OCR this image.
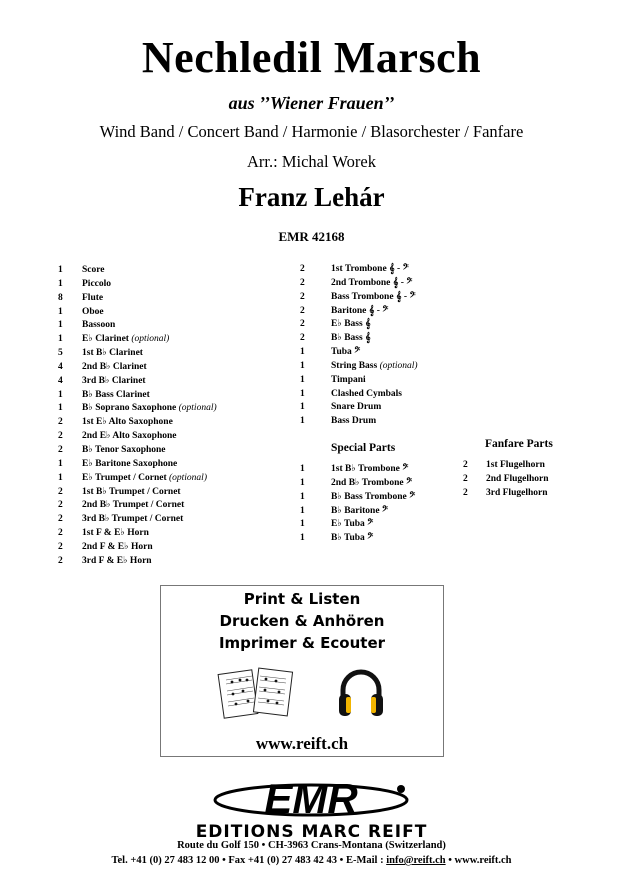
Nechledil Marsch
aus ’’Wiener Frauen’’
Wind Band / Concert Band / Harmonie / Blasorchester / Fanfare
Arr.: Michal Worek
Franz Lehár
EMR 42168
1 Score
1 Piccolo
8 Flute
1 Oboe
1 Bassoon
1 E♭ Clarinet (optional)
5 1st B♭ Clarinet
4 2nd B♭ Clarinet
4 3rd B♭ Clarinet
1 B♭ Bass Clarinet
1 B♭ Soprano Saxophone (optional)
2 1st E♭ Alto Saxophone
2 2nd E♭ Alto Saxophone
2 B♭ Tenor Saxophone
1 E♭ Baritone Saxophone
1 E♭ Trumpet / Cornet (optional)
2 1st B♭ Trumpet / Cornet
2 2nd B♭ Trumpet / Cornet
2 3rd B♭ Trumpet / Cornet
2 1st F & E♭ Horn
2 2nd F & E♭ Horn
2 3rd F & E♭ Horn
2	1st Trombone 𝄞 - 𝄢
2	2nd Trombone 𝄞 - 𝄢
2	Bass Trombone 𝄞 - 𝄢
2	Baritone 𝄞 - 𝄢
2	E♭ Bass 𝄞
2	B♭ Bass 𝄞
1	Tuba 𝄢
1	String Bass (optional)
1	Timpani
1	Clashed Cymbals
1	Snare Drum
1	Bass Drum
Special Parts
1	1st B♭ Trombone 𝄢
1	2nd B♭ Trombone 𝄢
1	B♭ Bass Trombone 𝄢
1	B♭ Baritone 𝄢
1	E♭ Tuba 𝄢
1	B♭ Tuba 𝄢
Fanfare Parts
2 1st Flugelhorn
2 2nd Flugelhorn
2 3rd Flugelhorn
Print & Listen
Drucken & Anhören
Imprimer & Ecouter
www.reift.ch
EMR
EDITIONS MARC REIFT
Route du Golf 150 • CH-3963 Crans-Montana (Switzerland)
Tel. +41 (0) 27 483 12 00 • Fax +41 (0) 27 483 42 43 • E-Mail : info@reift.ch • www.reift.ch
